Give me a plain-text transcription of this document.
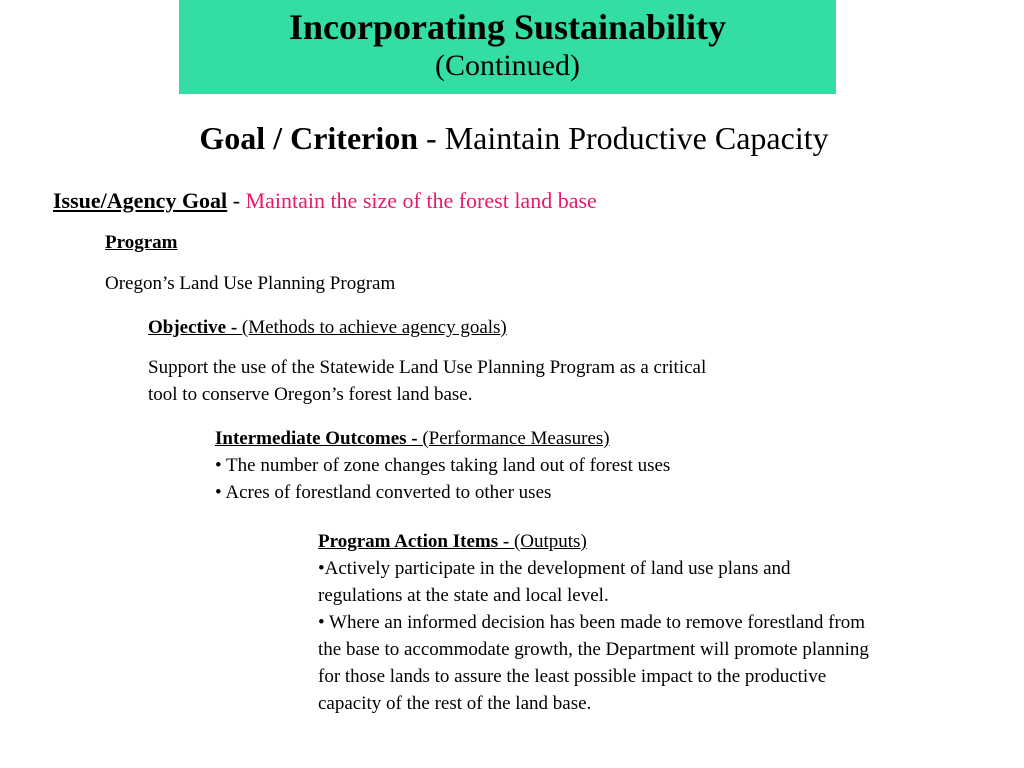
Incorporating Sustainability
(Continued)
Goal / Criterion - Maintain Productive Capacity
Issue/Agency Goal - Maintain the size of the forest land base
Program
Oregon’s Land Use Planning Program
Objective - (Methods to achieve agency goals)
Support the use of the Statewide Land Use Planning Program as a critical
tool to conserve Oregon’s forest land base.
Intermediate Outcomes - (Performance Measures)
• The number of zone changes taking land out of forest uses
• Acres of forestland converted to other uses
Program Action Items - (Outputs)
•Actively participate in the development of land use plans and
regulations at the state and local level.
• Where an informed decision has been made to remove forestland from
the base to accommodate growth, the Department will promote planning
for those lands to assure the least possible impact to the productive
capacity of the rest of the land base.
